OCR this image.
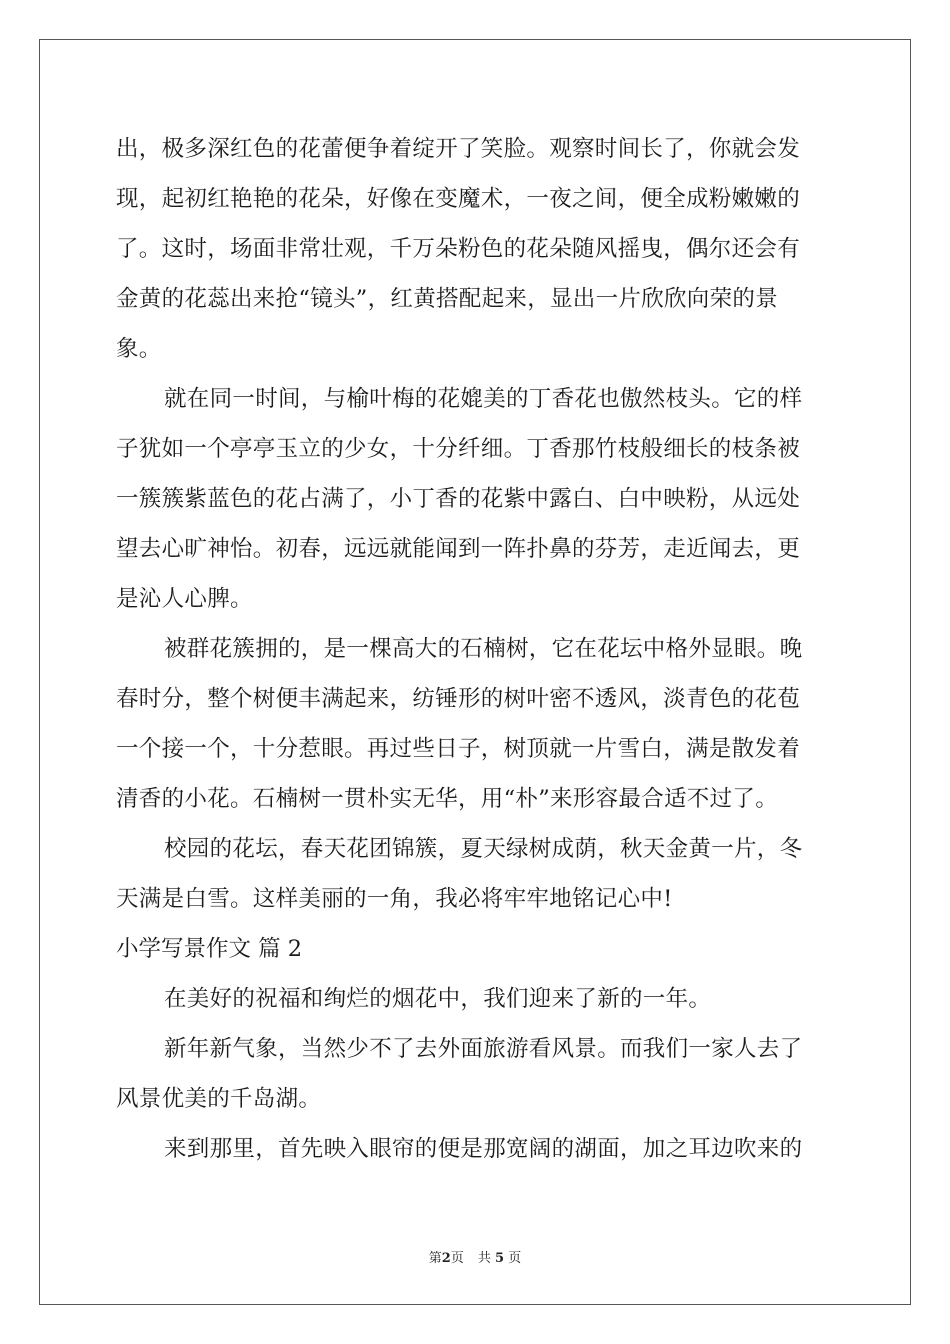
出，极多深红色的花蕾便争着绽开了笑脸。观察时间长了，你就会发
现，起初红艳艳的花朵，好像在变魔术，一夜之间，便全成粉嫩嫩的
了。这时，场面非常壮观，千万朵粉色的花朵随风摇曳，偶尔还会有
金黄的花蕊出来抢“镜头”，红黄搭配起来，显出一片欣欣向荣的景
象。
就在同一时间，与榆叶梅的花媲美的丁香花也傲然枝头。它的样
子犹如一个亭亭玉立的少女，十分纤细。丁香那竹枝般细长的枝条被
一簇簇紫蓝色的花占满了，小丁香的花紫中露白、白中映粉，从远处
望去心旷神怡。初春，远远就能闻到一阵扑鼻的芬芳，走近闻去，更
是沁人心脾。
被群花簇拥的，是一棵高大的石楠树，它在花坛中格外显眼。晚
春时分，整个树便丰满起来，纺锤形的树叶密不透风，淡青色的花苞
一个接一个，十分惹眼。再过些日子，树顶就一片雪白，满是散发着
清香的小花。石楠树一贯朴实无华，用“朴”来形容最合适不过了。
校园的花坛，春天花团锦簇，夏天绿树成荫，秋天金黄一片，冬
天满是白雪。这样美丽的一角，我必将牢牢地铭记心中!
小学写景作文 篇 2
在美好的祝福和绚烂的烟花中，我们迎来了新的一年。
新年新气象，当然少不了去外面旅游看风景。而我们一家人去了
风景优美的千岛湖。
来到那里，首先映入眼帘的便是那宽阔的湖面，加之耳边吹来的
第2页 共 5 页
